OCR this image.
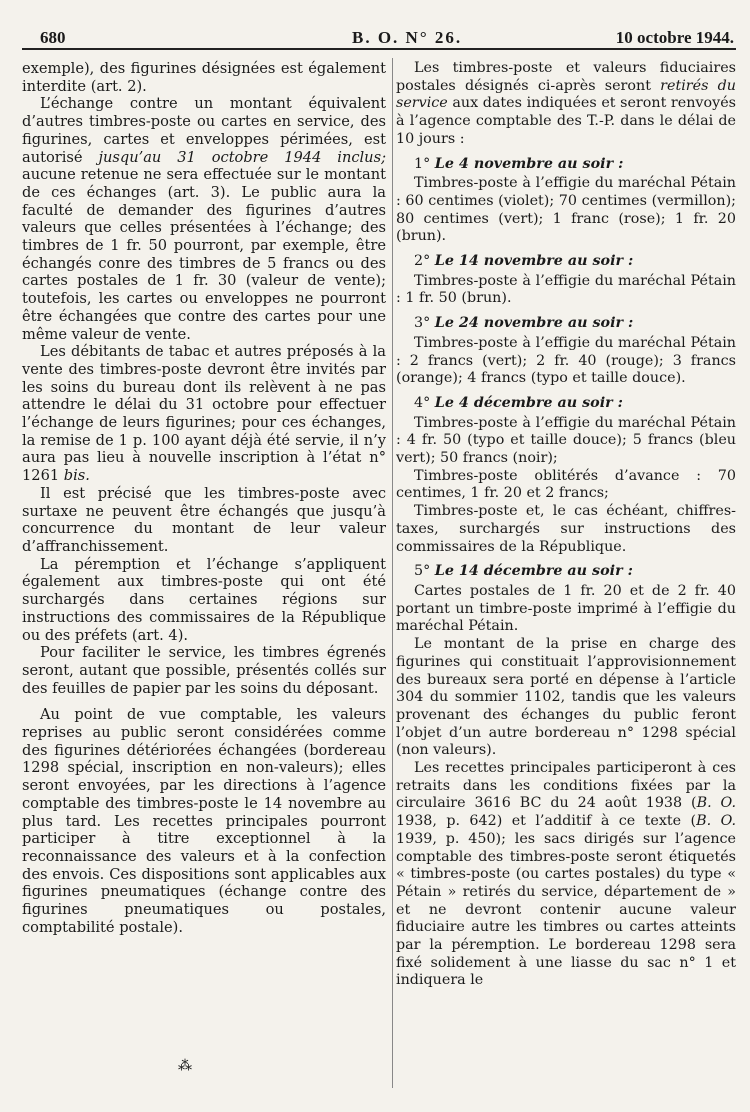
680	B. O. N° 26.	10 octobre 1944.

exemple), des figurines désignées est également interdite (art. 2).

L’échange contre un montant équivalent d’autres timbres-poste ou cartes en service, des figurines, cartes et enveloppes périmées, est autorisé jusqu’au 31 octobre 1944 inclus; aucune retenue ne sera effectuée sur le montant de ces échanges (art. 3). Le public aura la faculté de demander des figurines d’autres valeurs que celles présentées à l’échange; des timbres de 1 fr. 50 pourront, par exemple, être échangés conre des timbres de 5 francs ou des cartes postales de 1 fr. 30 (valeur de vente); toutefois, les cartes ou enveloppes ne pourront être échangées que contre des cartes pour une même valeur de vente.

Les débitants de tabac et autres préposés à la vente des timbres-poste devront être invités par les soins du bureau dont ils relèvent à ne pas attendre le délai du 31 octobre pour effectuer l’échange de leurs figurines; pour ces échanges, la remise de 1 p. 100 ayant déjà été servie, il n’y aura pas lieu à nouvelle inscription à l’état n° 1261 bis.

Il est précisé que les timbres-poste avec surtaxe ne peuvent être échangés que jusqu’à concurrence du montant de leur valeur d’affranchissement.

La péremption et l’échange s’appliquent également aux timbres-poste qui ont été surchargés dans certaines régions sur instructions des commissaires de la République ou des préfets (art. 4).

Pour faciliter le service, les timbres égrenés seront, autant que possible, présentés collés sur des feuilles de papier par les soins du déposant.

Au point de vue comptable, les valeurs reprises au public seront considérées comme des figurines détériorées échangées (bordereau 1298 spécial, inscription en non-valeurs); elles seront envoyées, par les directions à l’agence comptable des timbres-poste le 14 novembre au plus tard. Les recettes principales pourront participer à titre exceptionnel à la reconnaissance des valeurs et à la confection des envois. Ces dispositions sont applicables aux figurines pneumatiques (échange contre des figurines pneumatiques ou postales, comptabilité postale).

⁂

Les timbres-poste et valeurs fiduciaires postales désignés ci-après seront retirés du service aux dates indiquées et seront renvoyés à l’agence comptable des T.-P. dans le délai de 10 jours :

1° Le 4 novembre au soir :

Timbres-poste à l’effigie du maréchal Pétain : 60 centimes (violet); 70 centimes (vermillon); 80 centimes (vert); 1 franc (rose); 1 fr. 20 (brun).

2° Le 14 novembre au soir :

Timbres-poste à l’effigie du maréchal Pétain : 1 fr. 50 (brun).

3° Le 24 novembre au soir :

Timbres-poste à l’effigie du maréchal Pétain : 2 francs (vert); 2 fr. 40 (rouge); 3 francs (orange); 4 francs (typo et taille douce).

4° Le 4 décembre au soir :

Timbres-poste à l’effigie du maréchal Pétain : 4 fr. 50 (typo et taille douce); 5 francs (bleu vert); 50 francs (noir);

Timbres-poste oblitérés d’avance : 70 centimes, 1 fr. 20 et 2 francs;

Timbres-poste et, le cas échéant, chiffres-taxes, surchargés sur instructions des commissaires de la République.

5° Le 14 décembre au soir :

Cartes postales de 1 fr. 20 et de 2 fr. 40 portant un timbre-poste imprimé à l’effigie du maréchal Pétain.

Le montant de la prise en charge des figurines qui constituait l’approvisionnement des bureaux sera porté en dépense à l’article 304 du sommier 1102, tandis que les valeurs provenant des échanges du public feront l’objet d’un autre bordereau n° 1298 spécial (non valeurs).

Les recettes principales participeront à ces retraits dans les conditions fixées par la circulaire 3616 BC du 24 août 1938 (B. O. 1938, p. 642) et l’additif à ce texte (B. O. 1939, p. 450); les sacs dirigés sur l’agence comptable des timbres-poste seront étiquetés « timbres-poste (ou cartes postales) du type « Pétain » retirés du service, département de » et ne devront contenir aucune valeur fiduciaire autre les timbres ou cartes atteints par la péremption. Le bordereau 1298 sera fixé solidement à une liasse du sac n° 1 et indiquera le
